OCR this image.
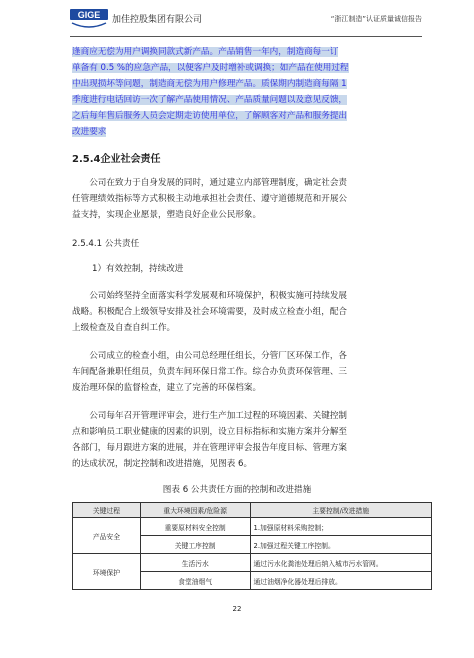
GIGE 加佳控股集团有限公司	“浙江制造”认证质量诚信报告
逢商应无偿为用户调换同款式新产品。产品销售一年内，制造商每一订
单备有 0.5 %的应急产品，以便客户及时增补或调换；如产品在使用过程
中出现损坏等问题，制造商无偿为用户修理产品。质保期内制造商每隔 1
季度进行电话回访一次了解产品使用情况、产品质量问题以及意见反馈，
之后每年售后服务人员会定期走访使用单位，了解顾客对产品和服务提出
改进要求
2.5.4企业社会责任
公司在致力于自身发展的同时，通过建立内部管理制度，确定社会责
任管理绩效指标等方式积极主动地承担社会责任、遵守道德规范和开展公
益支持，实现企业愿景，塑造良好企业公民形象。
2.5.4.1 公共责任
1）有效控制，持续改进
公司始终坚持全面落实科学发展观和环境保护，积极实施可持续发展
战略。积极配合上级领导安排及社会环境需要，及时成立检查小组，配合
上级检查及自查自纠工作。
公司成立的检查小组，由公司总经理任组长，分管厂区环保工作，各
车间配备兼职任组员，负责车间环保日常工作。综合办负责环保管理、三
废治理环保的监督检查，建立了完善的环保档案。
公司每年召开管理评审会，进行生产加工过程的环境因素、关键控制
点和影响员工职业健康的因素的识别，设立目标指标和实施方案并分解至
各部门，每月跟进方案的进展，并在管理评审会报告年度目标、管理方案
的达成状况，制定控制和改进措施，见图表 6。
图表 6 公共责任方面的控制和改进措施
关键过程	重大环境因素/危险源	主要控制/改进措施
产品安全	重要原材料安全控制	1.加强原材料采购控制；
	关键工序控制	2.加强过程关键工序控制。
环境保护	生活污水	通过污水化粪池处理后纳入城市污水管网。
	食堂油烟气	通过油烟净化器处理后排放。
22
